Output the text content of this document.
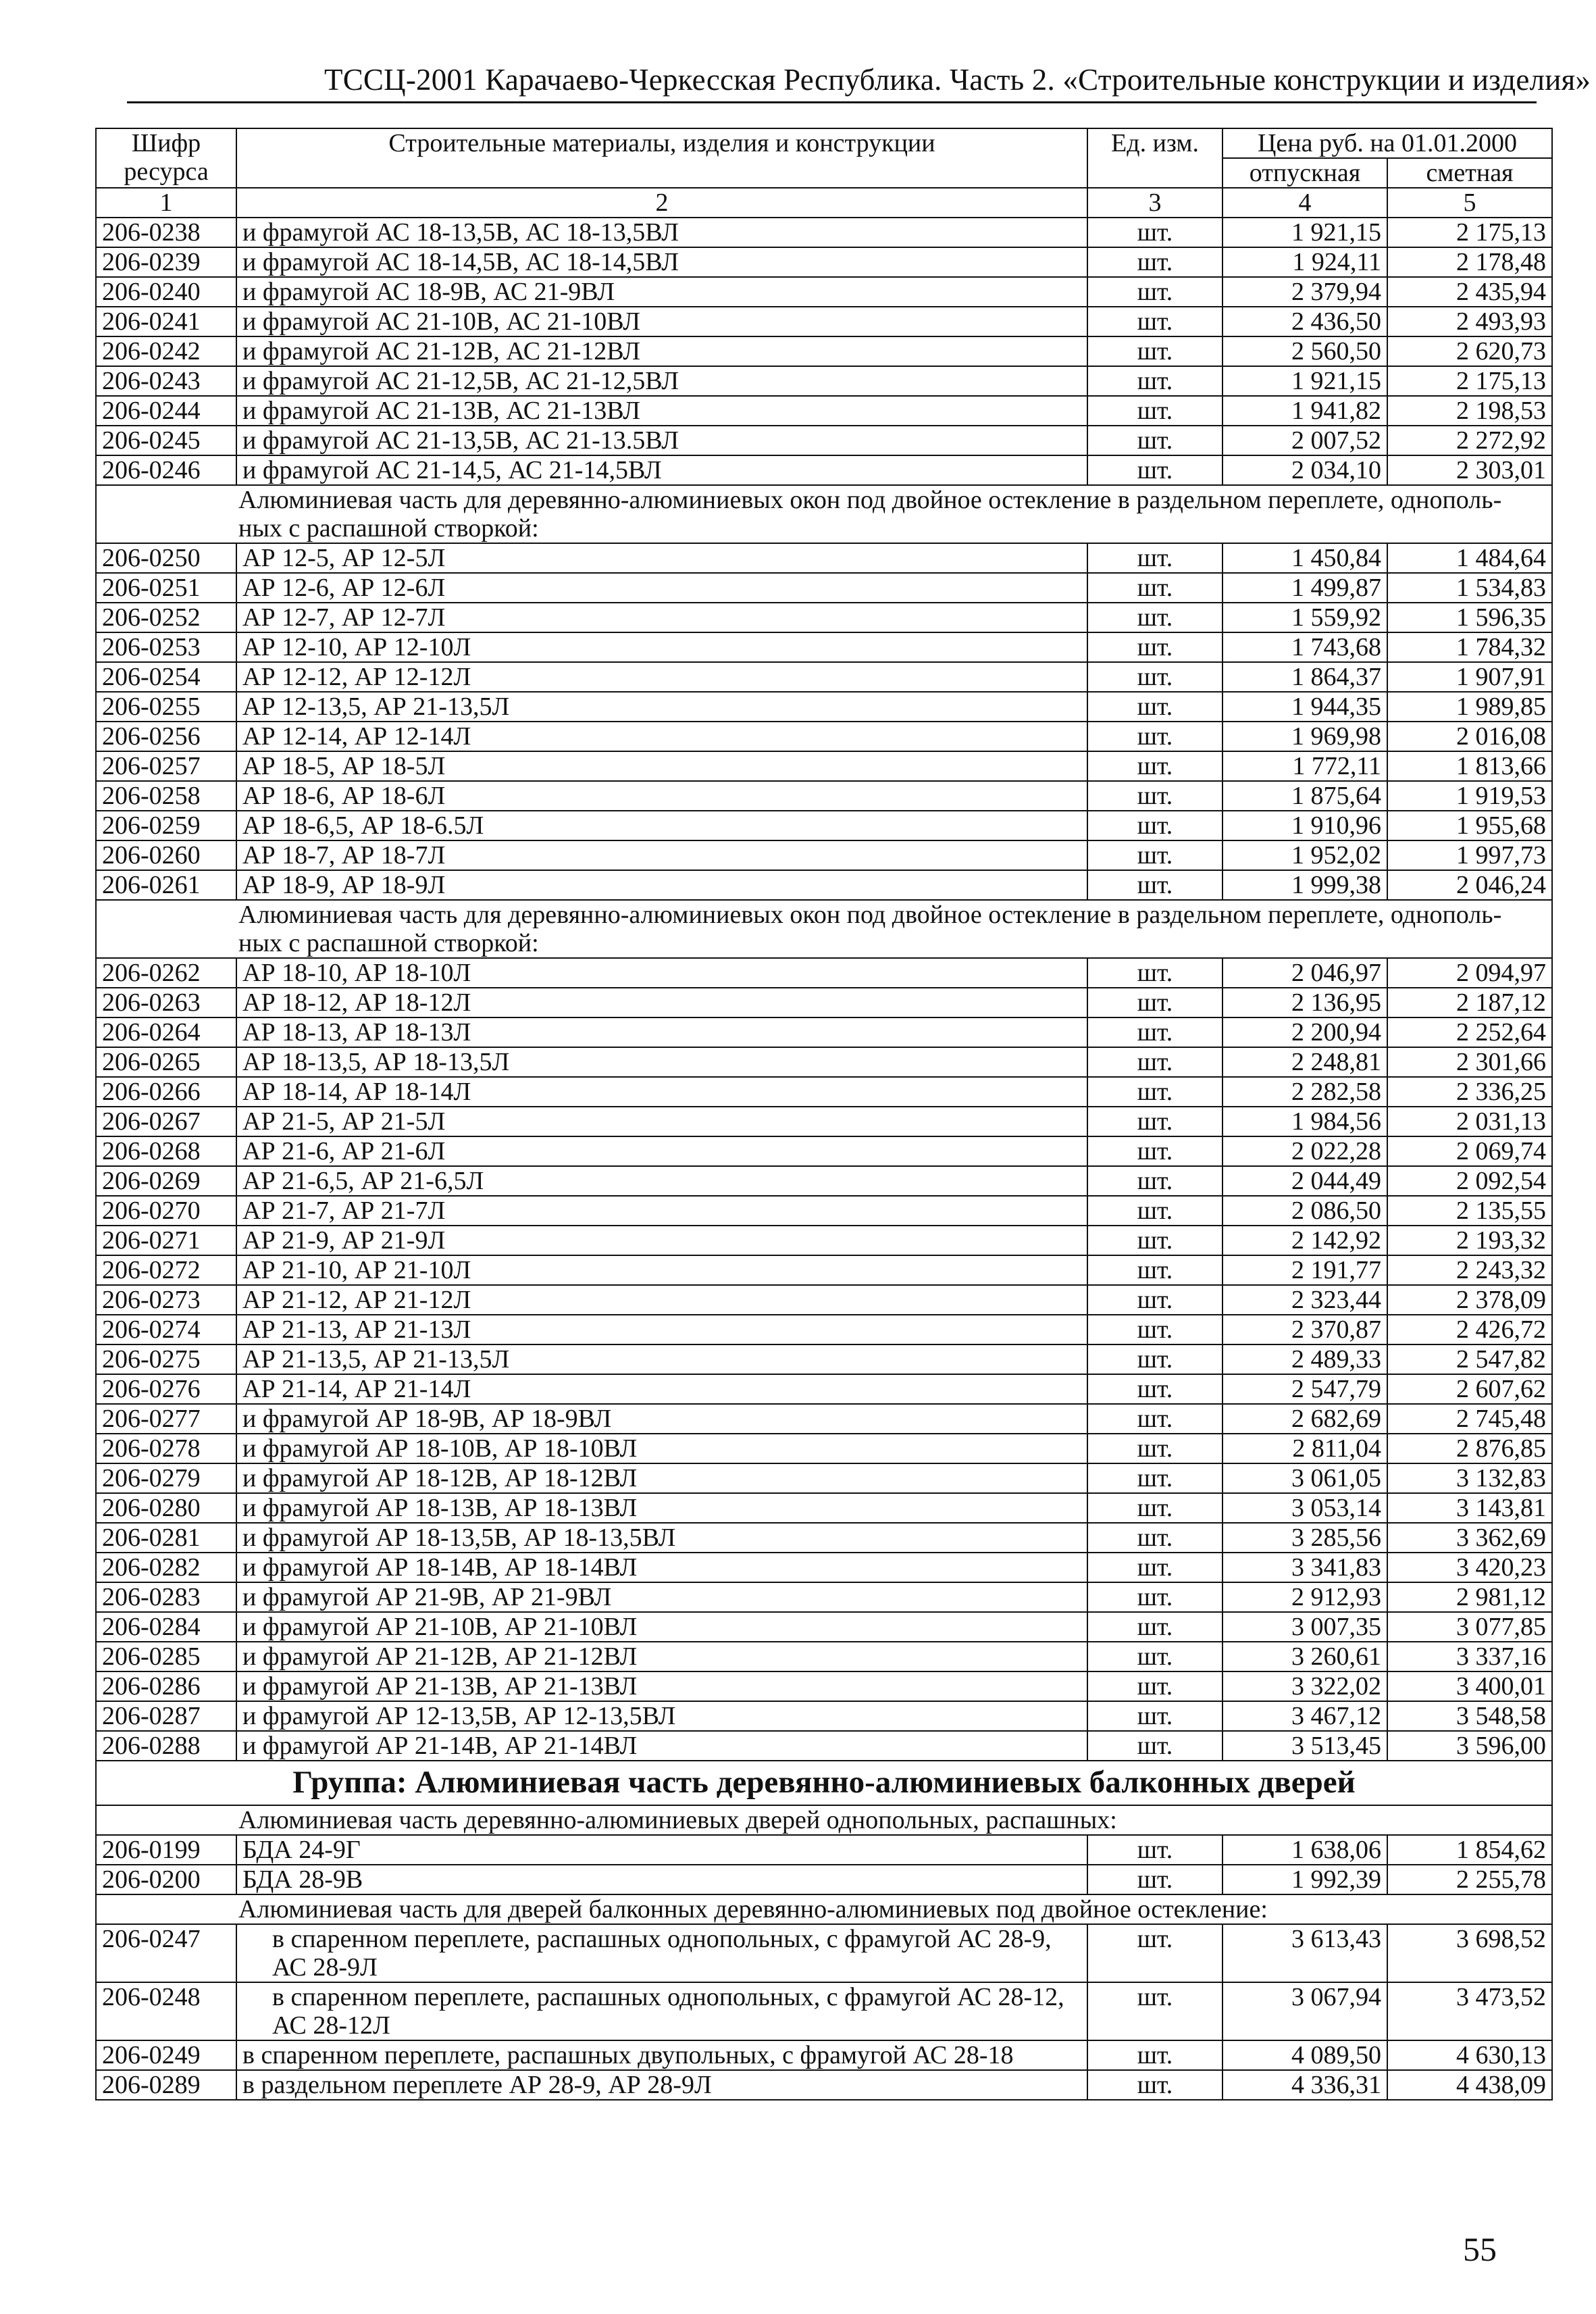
ТССЦ-2001 Карачаево-Черкесская Республика. Часть 2. «Строительные конструкции и изделия»
Шифр ресурса	Строительные материалы, изделия и конструкции	Ед. изм.	Цена руб. на 01.01.2000	
			отпускная	сметная
1	2	3	4	5
206-0238	и фрамугой АС 18-13,5В, АС 18-13,5ВЛ	шт.	1 921,15	2 175,13
206-0239	и фрамугой АС 18-14,5В, АС 18-14,5ВЛ	шт.	1 924,11	2 178,48
206-0240	и фрамугой АС 18-9В, АС 21-9ВЛ	шт.	2 379,94	2 435,94
206-0241	и фрамугой АС 21-10В, АС 21-10ВЛ	шт.	2 436,50	2 493,93
206-0242	и фрамугой АС 21-12В, АС 21-12ВЛ	шт.	2 560,50	2 620,73
206-0243	и фрамугой АС 21-12,5В, АС 21-12,5ВЛ	шт.	1 921,15	2 175,13
206-0244	и фрамугой АС 21-13В, АС 21-13ВЛ	шт.	1 941,82	2 198,53
206-0245	и фрамугой АС 21-13,5В, АС 21-13.5ВЛ	шт.	2 007,52	2 272,92
206-0246	и фрамугой АС 21-14,5, АС 21-14,5ВЛ	шт.	2 034,10	2 303,01
Алюминиевая часть для деревянно-алюминиевых окон под двойное остекление в раздельном переплете, однополь-ных с распашной створкой:				
206-0250	АР 12-5, АР 12-5Л	шт.	1 450,84	1 484,64
206-0251	АР 12-6, АР 12-6Л	шт.	1 499,87	1 534,83
206-0252	АР 12-7, АР 12-7Л	шт.	1 559,92	1 596,35
206-0253	АР 12-10, АР 12-10Л	шт.	1 743,68	1 784,32
206-0254	АР 12-12, АР 12-12Л	шт.	1 864,37	1 907,91
206-0255	АР 12-13,5, АР 21-13,5Л	шт.	1 944,35	1 989,85
206-0256	АР 12-14, АР 12-14Л	шт.	1 969,98	2 016,08
206-0257	АР 18-5, АР 18-5Л	шт.	1 772,11	1 813,66
206-0258	АР 18-6, АР 18-6Л	шт.	1 875,64	1 919,53
206-0259	АР 18-6,5, АР 18-6.5Л	шт.	1 910,96	1 955,68
206-0260	АР 18-7, АР 18-7Л	шт.	1 952,02	1 997,73
206-0261	АР 18-9, АР 18-9Л	шт.	1 999,38	2 046,24
Алюминиевая часть для деревянно-алюминиевых окон под двойное остекление в раздельном переплете, однополь-ных с распашной створкой:				
206-0262	АР 18-10, АР 18-10Л	шт.	2 046,97	2 094,97
206-0263	АР 18-12, АР 18-12Л	шт.	2 136,95	2 187,12
206-0264	АР 18-13, АР 18-13Л	шт.	2 200,94	2 252,64
206-0265	АР 18-13,5, АР 18-13,5Л	шт.	2 248,81	2 301,66
206-0266	АР 18-14, АР 18-14Л	шт.	2 282,58	2 336,25
206-0267	АР 21-5, АР 21-5Л	шт.	1 984,56	2 031,13
206-0268	АР 21-6, АР 21-6Л	шт.	2 022,28	2 069,74
206-0269	АР 21-6,5, АР 21-6,5Л	шт.	2 044,49	2 092,54
206-0270	АР 21-7, АР 21-7Л	шт.	2 086,50	2 135,55
206-0271	АР 21-9, АР 21-9Л	шт.	2 142,92	2 193,32
206-0272	АР 21-10, АР 21-10Л	шт.	2 191,77	2 243,32
206-0273	АР 21-12, АР 21-12Л	шт.	2 323,44	2 378,09
206-0274	АР 21-13, АР 21-13Л	шт.	2 370,87	2 426,72
206-0275	АР 21-13,5, АР 21-13,5Л	шт.	2 489,33	2 547,82
206-0276	АР 21-14, АР 21-14Л	шт.	2 547,79	2 607,62
206-0277	и фрамугой АР 18-9В, АР 18-9ВЛ	шт.	2 682,69	2 745,48
206-0278	и фрамугой АР 18-10В, АР 18-10ВЛ	шт.	2 811,04	2 876,85
206-0279	и фрамугой АР 18-12В, АР 18-12ВЛ	шт.	3 061,05	3 132,83
206-0280	и фрамугой АР 18-13В, АР 18-13ВЛ	шт.	3 053,14	3 143,81
206-0281	и фрамугой АР 18-13,5В, АР 18-13,5ВЛ	шт.	3 285,56	3 362,69
206-0282	и фрамугой АР 18-14В, АР 18-14ВЛ	шт.	3 341,83	3 420,23
206-0283	и фрамугой АР 21-9В, АР 21-9ВЛ	шт.	2 912,93	2 981,12
206-0284	и фрамугой АР 21-10В, АР 21-10ВЛ	шт.	3 007,35	3 077,85
206-0285	и фрамугой АР 21-12В, АР 21-12ВЛ	шт.	3 260,61	3 337,16
206-0286	и фрамугой АР 21-13В, АР 21-13ВЛ	шт.	3 322,02	3 400,01
206-0287	и фрамугой АР 12-13,5В, АР 12-13,5ВЛ	шт.	3 467,12	3 548,58
206-0288	и фрамугой АР 21-14В, АР 21-14ВЛ	шт.	3 513,45	3 596,00
Группа: Алюминиевая часть деревянно-алюминиевых балконных дверей				
Алюминиевая часть деревянно-алюминиевых дверей однопольных, распашных:				
206-0199	БДА 24-9Г	шт.	1 638,06	1 854,62
206-0200	БДА 28-9В	шт.	1 992,39	2 255,78
Алюминиевая часть для дверей балконных деревянно-алюминиевых под двойное остекление:				
206-0247	в спаренном переплете, распашных однопольных, с фрамугой АС 28-9, АС 28-9Л	шт.	3 613,43	3 698,52
206-0248	в спаренном переплете, распашных однопольных, с фрамугой АС 28-12, АС 28-12Л	шт.	3 067,94	3 473,52
206-0249	в спаренном переплете, распашных двупольных, с фрамугой АС 28-18	шт.	4 089,50	4 630,13
206-0289	в раздельном переплете АР 28-9, АР 28-9Л	шт.	4 336,31	4 438,09
55
